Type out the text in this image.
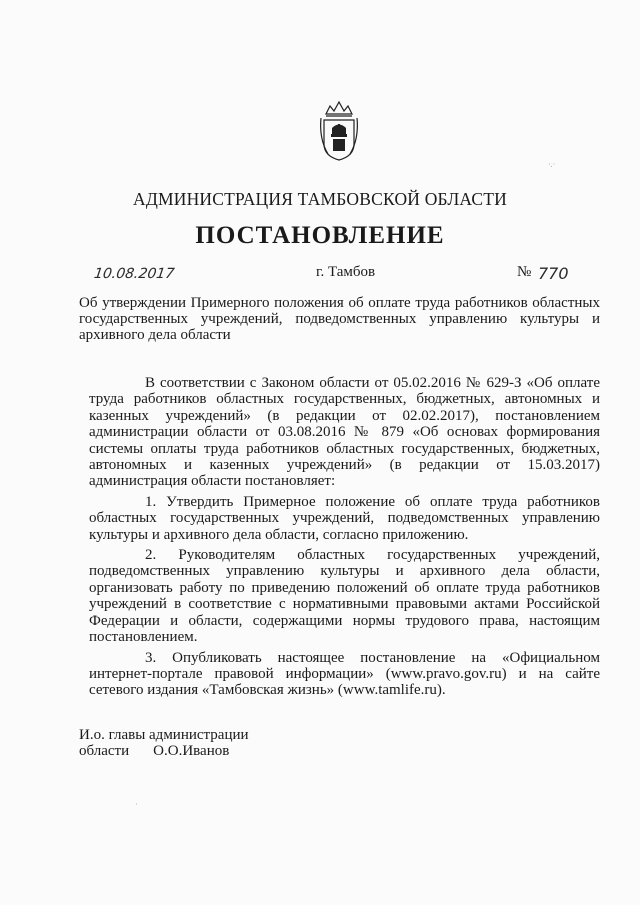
АДМИНИСТРАЦИЯ ТАМБОВСКОЙ ОБЛАСТИ
ПОСТАНОВЛЕНИЕ
10.08.2017	г. Тамбов	№ 770
Об утверждении Примерного положения об оплате труда работников областных государственных учреждений, подведомственных управлению культуры и архивного дела области

В соответствии с Законом области от 05.02.2016 № 629-З «Об оплате труда работников областных государственных, бюджетных, автономных и казенных учреждений» (в редакции от 02.02.2017), постановлением администрации области от 03.08.2016 № 879 «Об основах формирования системы оплаты труда работников областных государственных, бюджетных, автономных и казенных учреждений» (в редакции от 15.03.2017) администрация области постановляет:

1. Утвердить Примерное положение об оплате труда работников областных государственных учреждений, подведомственных управлению культуры и архивного дела области, согласно приложению.

2. Руководителям областных государственных учреждений, подведомственных управлению культуры и архивного дела области, организовать работу по приведению положений об оплате труда работников учреждений в соответствие с нормативными правовыми актами Российской Федерации и области, содержащими нормы трудового права, настоящим постановлением.

3. Опубликовать настоящее постановление на «Официальном интернет-портале правовой информации» (www.pravo.gov.ru) и на сайте сетевого издания «Тамбовская жизнь» (www.tamlife.ru).

И.о. главы администрации
области О.О.Иванов
·.·
·
